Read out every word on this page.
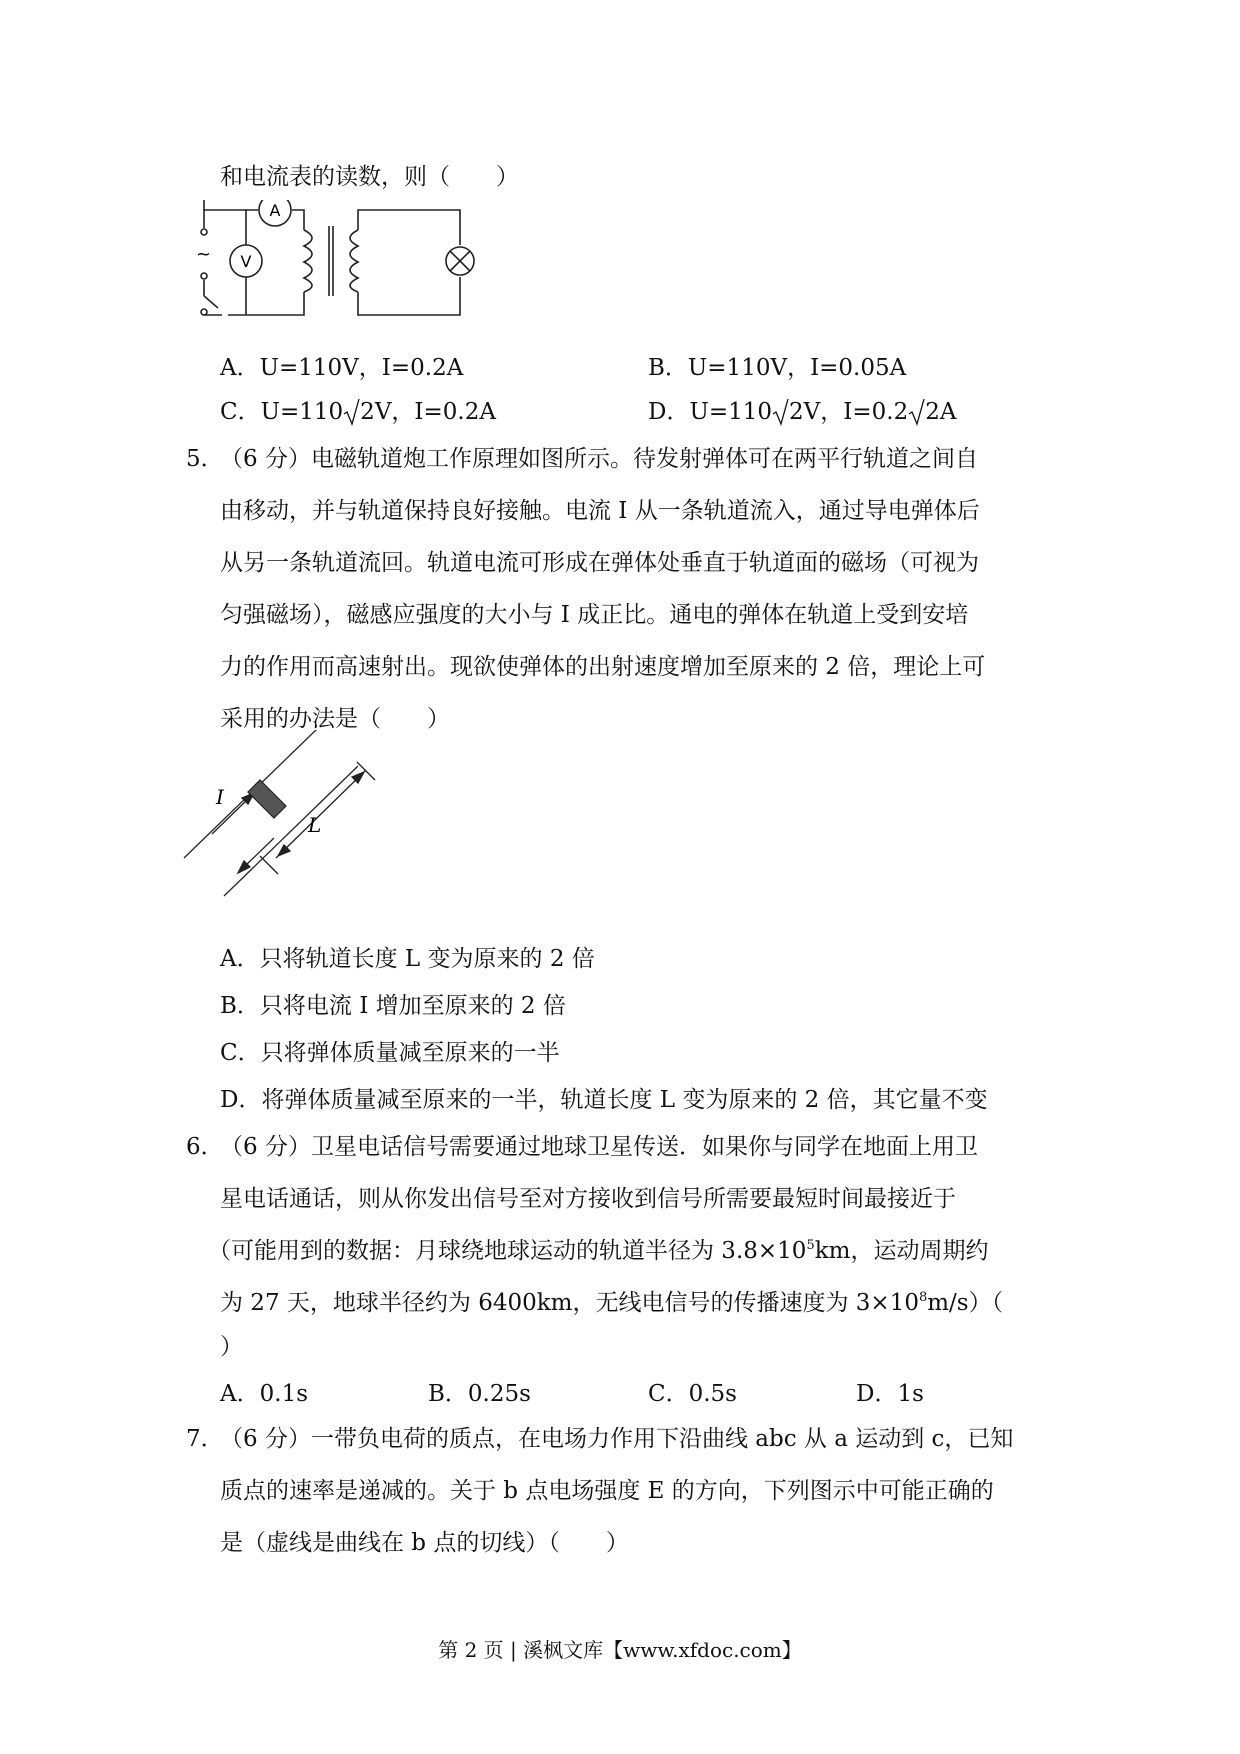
和电流表的读数，则（　　）
A
V
~
A．U=110V，I=0.2A	B．U=110V，I=0.05A
C．U=110 2V，I=0.2A	D．U=110 2V，I=0.2 2A
5．
（6 分）电磁轨道炮工作原理如图所示。待发射弹体可在两平行轨道之间自
由移动，并与轨道保持良好接触。电流 I 从一条轨道流入，通过导电弹体后
从另一条轨道流回。轨道电流可形成在弹体处垂直于轨道面的磁场（可视为
匀强磁场），磁感应强度的大小与 I 成正比。通电的弹体在轨道上受到安培
力的作用而高速射出。现欲使弹体的出射速度增加至原来的 2 倍，理论上可
采用的办法是（　　）
I
L
A．只将轨道长度 L 变为原来的 2 倍
B．只将电流 I 增加至原来的 2 倍
C．只将弹体质量减至原来的一半
D．将弹体质量减至原来的一半，轨道长度 L 变为原来的 2 倍，其它量不变
6．
（6 分）卫星电话信号需要通过地球卫星传送．如果你与同学在地面上用卫
星电话通话，则从你发出信号至对方接收到信号所需要最短时间最接近于
（可能用到的数据：月球绕地球运动的轨道半径为 $3.8\times 10^5km$，运动周期约
为 27 天，地球半径约为 6400km，无线电信号的传播速度为 $3\times 10^8m/s$）（
）
A．0.1s	B．0.25s	C．0.5s	D．1s
7．
（6 分）一带负电荷的质点，在电场力作用下沿曲线 abc 从 a 运动到 c，已知
质点的速率是递减的。关于 b 点电场强度 E 的方向，下列图示中可能正确的
是（虚线是曲线在 b 点的切线）（　　）
第 2 页 | 溪枫文库【www.xfdoc.com】
